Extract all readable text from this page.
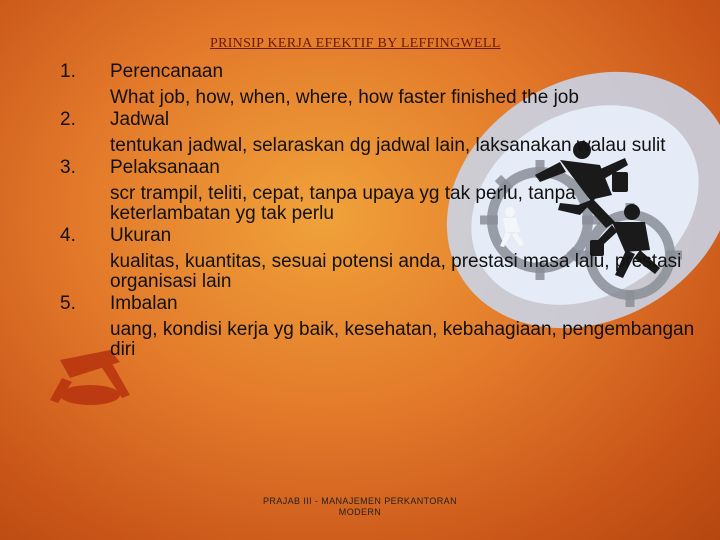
PRINSIP KERJA EFEKTIF BY LEFFINGWELL
1.	Perencanaan
What job, how, when, where, how faster finished the job
2.	Jadwal
tentukan jadwal, selaraskan dg jadwal lain, laksanakan walau sulit
3.	Pelaksanaan
scr trampil, teliti, cepat, tanpa upaya yg tak perlu, tanpa keterlambatan yg tak perlu
4.	Ukuran
kualitas, kuantitas, sesuai potensi anda, prestasi masa lalu, prestasi organisasi lain
5.	Imbalan
uang, kondisi kerja yg baik, kesehatan, kebahagiaan, pengembangan diri
PRAJAB III - MANAJEMEN PERKANTORAN
MODERN
